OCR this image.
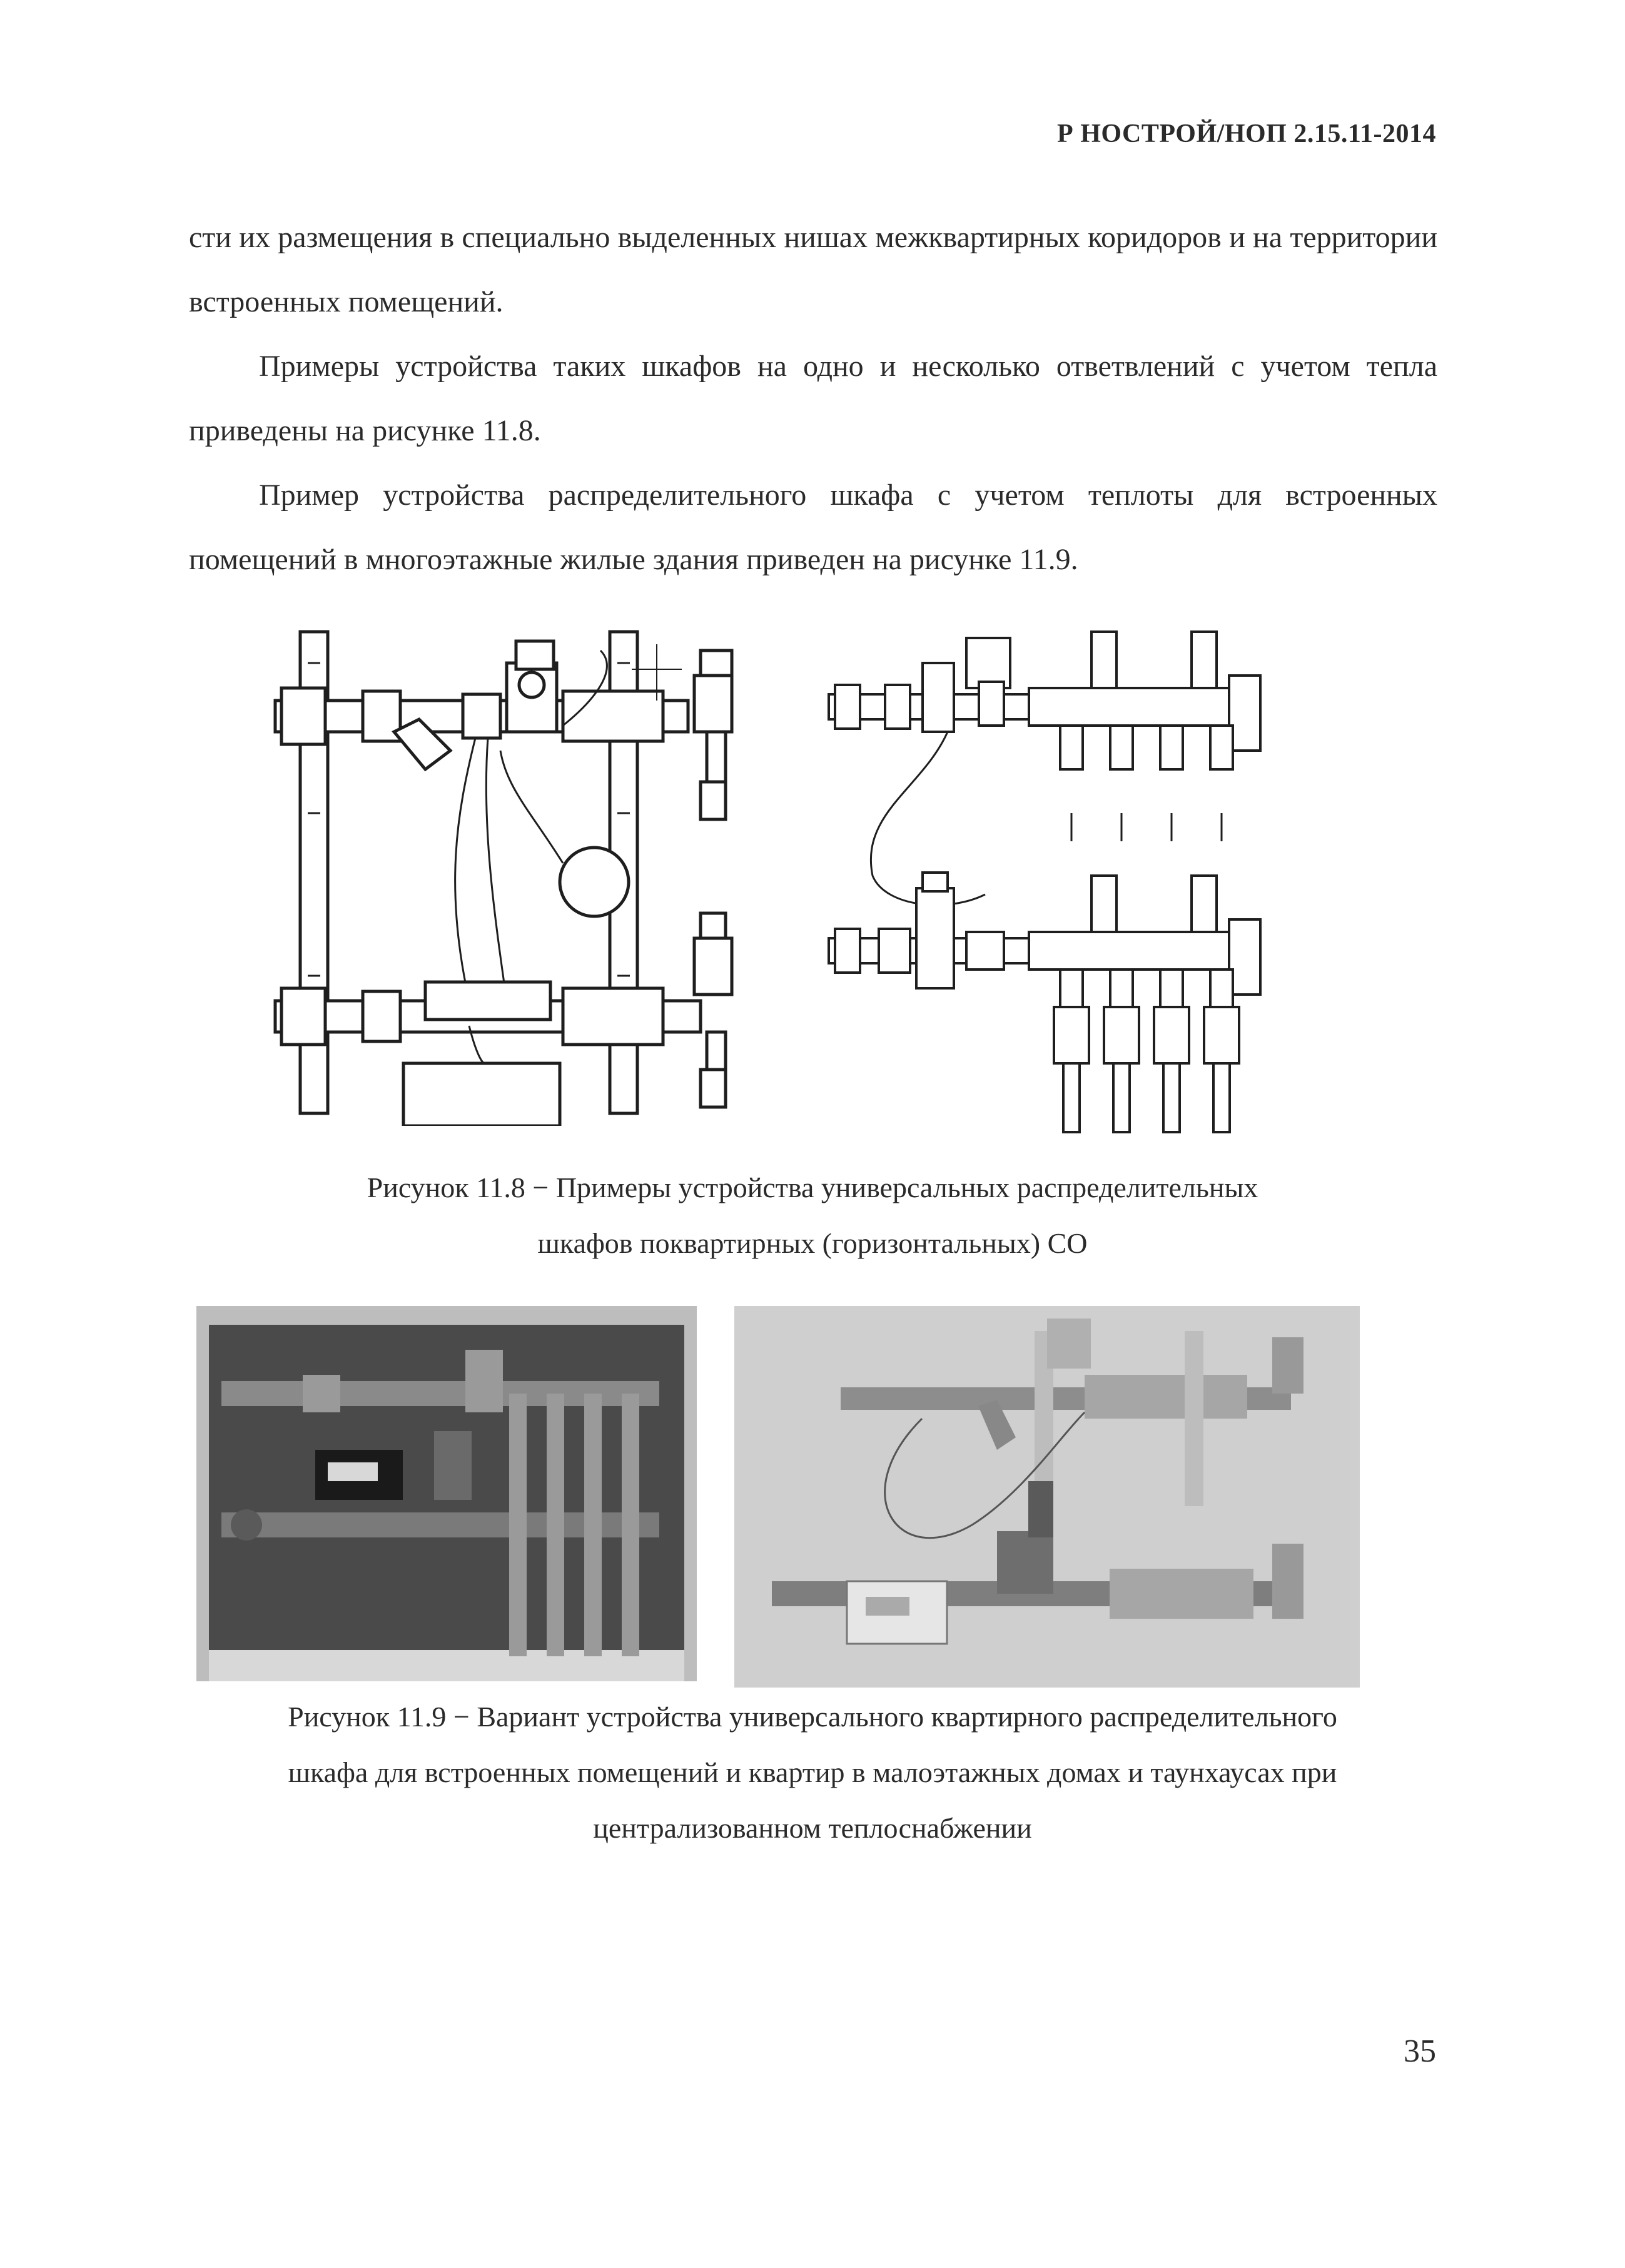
Р НОСТРОЙ/НОП 2.15.11-2014

сти их размещения в специально выделенных нишах межквартирных коридоров и на территории встроенных помещений.

Примеры устройства таких шкафов на одно и несколько ответвлений с учетом тепла приведены на рисунке 11.8.

Пример устройства распределительного шкафа с учетом теплоты для встроенных помещений в многоэтажные жилые здания приведен на рисунке 11.9.

Рисунок 11.8 − Примеры устройства универсальных распределительных
шкафов поквартирных (горизонтальных) СО
Рисунок 11.9 − Вариант устройства универсального квартирного распределительного
шкафа для встроенных помещений и квартир в малоэтажных домах и таунхаусах при
централизованном теплоснабжении
35
